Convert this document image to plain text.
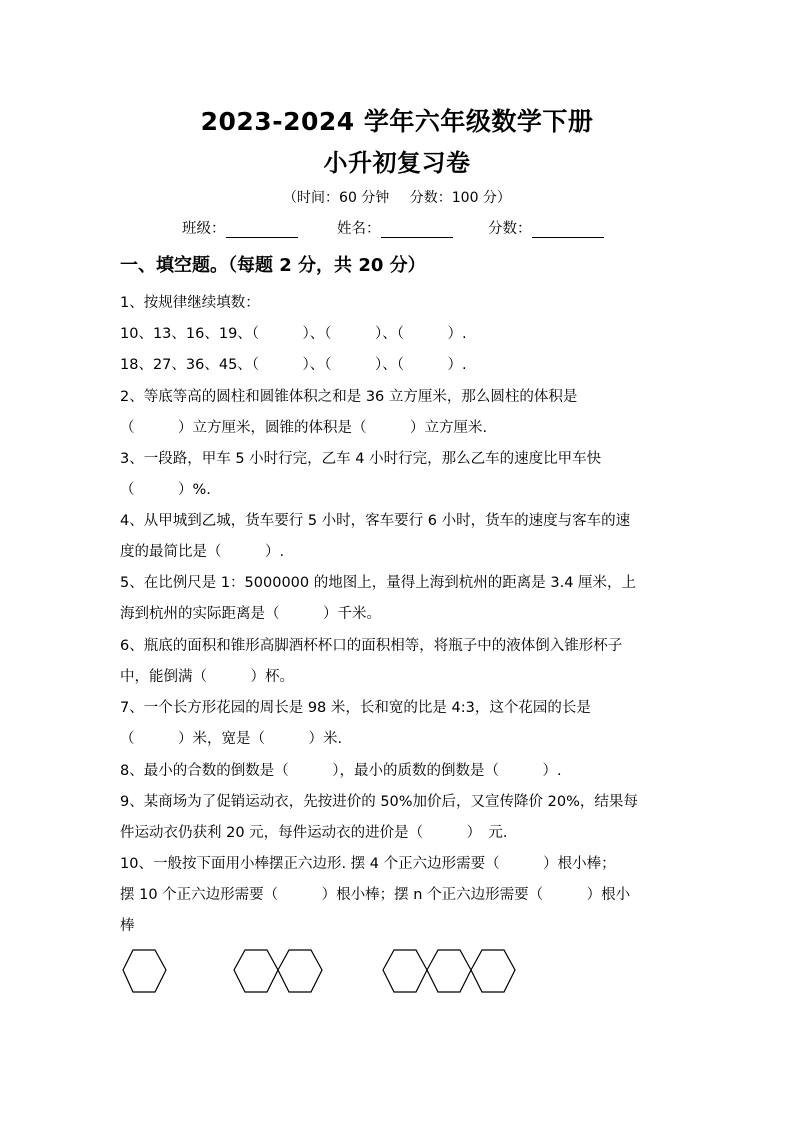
2023-2024 学年六年级数学下册
小升初复习卷
（时间：60 分钟 分数：100 分）
班级：	姓名：	分数：
一、填空题。（每题 2 分，共 20 分）
1、按规律继续填数：
10、13、16、19、（　　　）、（　　　）、（　　　）.
18、27、36、45、（　　　）、（　　　）、（　　　）.
2、等底等高的圆柱和圆锥体积之和是 36 立方厘米，那么圆柱的体积是
（　　　）立方厘米，圆锥的体积是（　　　）立方厘米.
3、一段路，甲车 5 小时行完，乙车 4 小时行完，那么乙车的速度比甲车快
（　　　）%.
4、从甲城到乙城，货车要行 5 小时，客车要行 6 小时，货车的速度与客车的速
度的最简比是（　　　）.
5、在比例尺是 1：5000000 的地图上，量得上海到杭州的距离是 3.4 厘米，上
海到杭州的实际距离是（　　　）千米。
6、瓶底的面积和锥形高脚酒杯杯口的面积相等，将瓶子中的液体倒入锥形杯子
中，能倒满（　　　）杯。
7、一个长方形花园的周长是 98 米，长和宽的比是 4:3，这个花园的长是
（　　　）米，宽是（　　　）米.
8、最小的合数的倒数是（　　　），最小的质数的倒数是（　　　）.
9、某商场为了促销运动衣，先按进价的 50%加价后，又宣传降价 20%，结果每
件运动衣仍获利 20 元，每件运动衣的进价是（　　　）　元.
10、一般按下面用小棒摆正六边形. 摆 4 个正六边形需要（　　　）根小棒；
摆 10 个正六边形需要（　　　）根小棒；摆 n 个正六边形需要（　　　）根小
棒
